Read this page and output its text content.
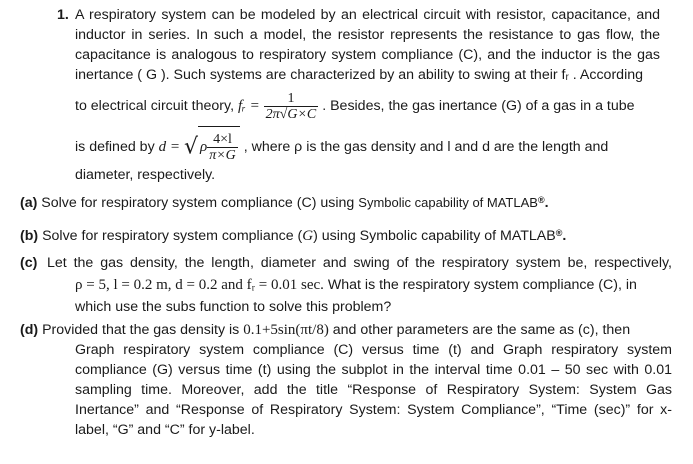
1. A respiratory system can be modeled by an electrical circuit with resistor, capacitance, and
inductor in series. In such a model, the resistor represents the resistance to gas flow, the
capacitance is analogous to respiratory system compliance (C), and the inductor is the gas
inertance ( G ). Such systems are characterized by an ability to swing at their fᵣ . According
to electrical circuit theory, fᵣ = $\frac{1}{2\pi√G\times C}$ . Besides, the gas inertance (G) of a gas in a tube
is defined by d = √ ρ $\frac{4\times l}{\pi\times G}$ , where ρ is the gas density and l and d are the length and
diameter, respectively.
(a) Solve for respiratory system compliance (C) using Symbolic capability of MATLAB®.
(b) Solve for respiratory system compliance (G) using Symbolic capability of MATLAB®.
(c) Let the gas density, the length, diameter and swing of the respiratory system be, respectively,
ρ = 5, l = 0.2 m, d = 0.2 and fᵣ = 0.01 sec. What is the respiratory system compliance (C), in
which use the subs function to solve this problem?
(d) Provided that the gas density is 0.1+5sin(πt/8) and other parameters are the same as (c), then
Graph respiratory system compliance (C) versus time (t) and Graph respiratory system
compliance (G) versus time (t) using the subplot in the interval time 0.01 – 50 sec with 0.01
sampling time. Moreover, add the title “Response of Respiratory System: System Gas
Inertance” and “Response of Respiratory System: System Compliance”, “Time (sec)” for x-
label, “G” and “C” for y-label.
